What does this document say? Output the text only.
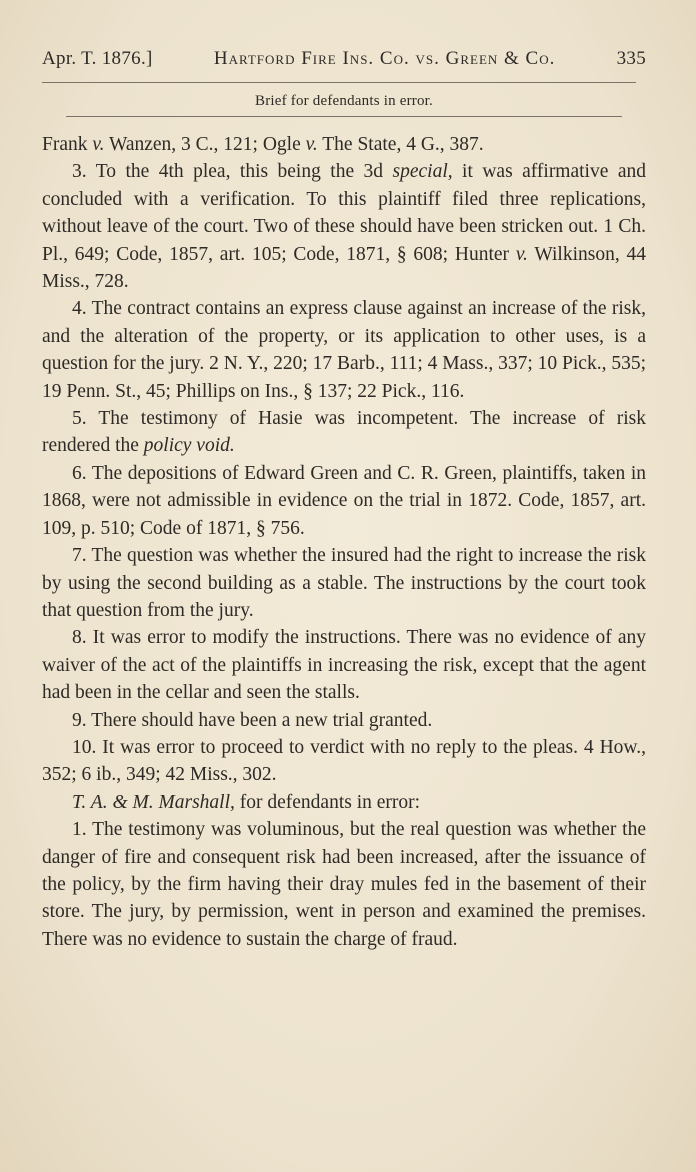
Apr. T. 1876.]	Hartford Fire Ins. Co. vs. Green & Co.	335
Brief for defendants in error.

Frank v. Wanzen, 3 C., 121; Ogle v. The State, 4 G., 387.

3. To the 4th plea, this being the 3d special, it was affirmative and concluded with a verification. To this plaintiff filed three replications, without leave of the court. Two of these should have been stricken out. 1 Ch. Pl., 649; Code, 1857, art. 105; Code, 1871, § 608; Hunter v. Wilkinson, 44 Miss., 728.

4. The contract contains an express clause against an increase of the risk, and the alteration of the property, or its application to other uses, is a question for the jury. 2 N. Y., 220; 17 Barb., 111; 4 Mass., 337; 10 Pick., 535; 19 Penn. St., 45; Phillips on Ins., § 137; 22 Pick., 116.

5. The testimony of Hasie was incompetent. The increase of risk rendered the policy void.

6. The depositions of Edward Green and C. R. Green, plaintiffs, taken in 1868, were not admissible in evidence on the trial in 1872. Code, 1857, art. 109, p. 510; Code of 1871, § 756.

7. The question was whether the insured had the right to increase the risk by using the second building as a stable. The instructions by the court took that question from the jury.

8. It was error to modify the instructions. There was no evidence of any waiver of the act of the plaintiffs in increasing the risk, except that the agent had been in the cellar and seen the stalls.

9. There should have been a new trial granted.

10. It was error to proceed to verdict with no reply to the pleas. 4 How., 352; 6 ib., 349; 42 Miss., 302.

T. A. & M. Marshall, for defendants in error:

1. The testimony was voluminous, but the real question was whether the danger of fire and consequent risk had been increased, after the issuance of the policy, by the firm having their dray mules fed in the basement of their store. The jury, by permission, went in person and examined the premises. There was no evidence to sustain the charge of fraud.
